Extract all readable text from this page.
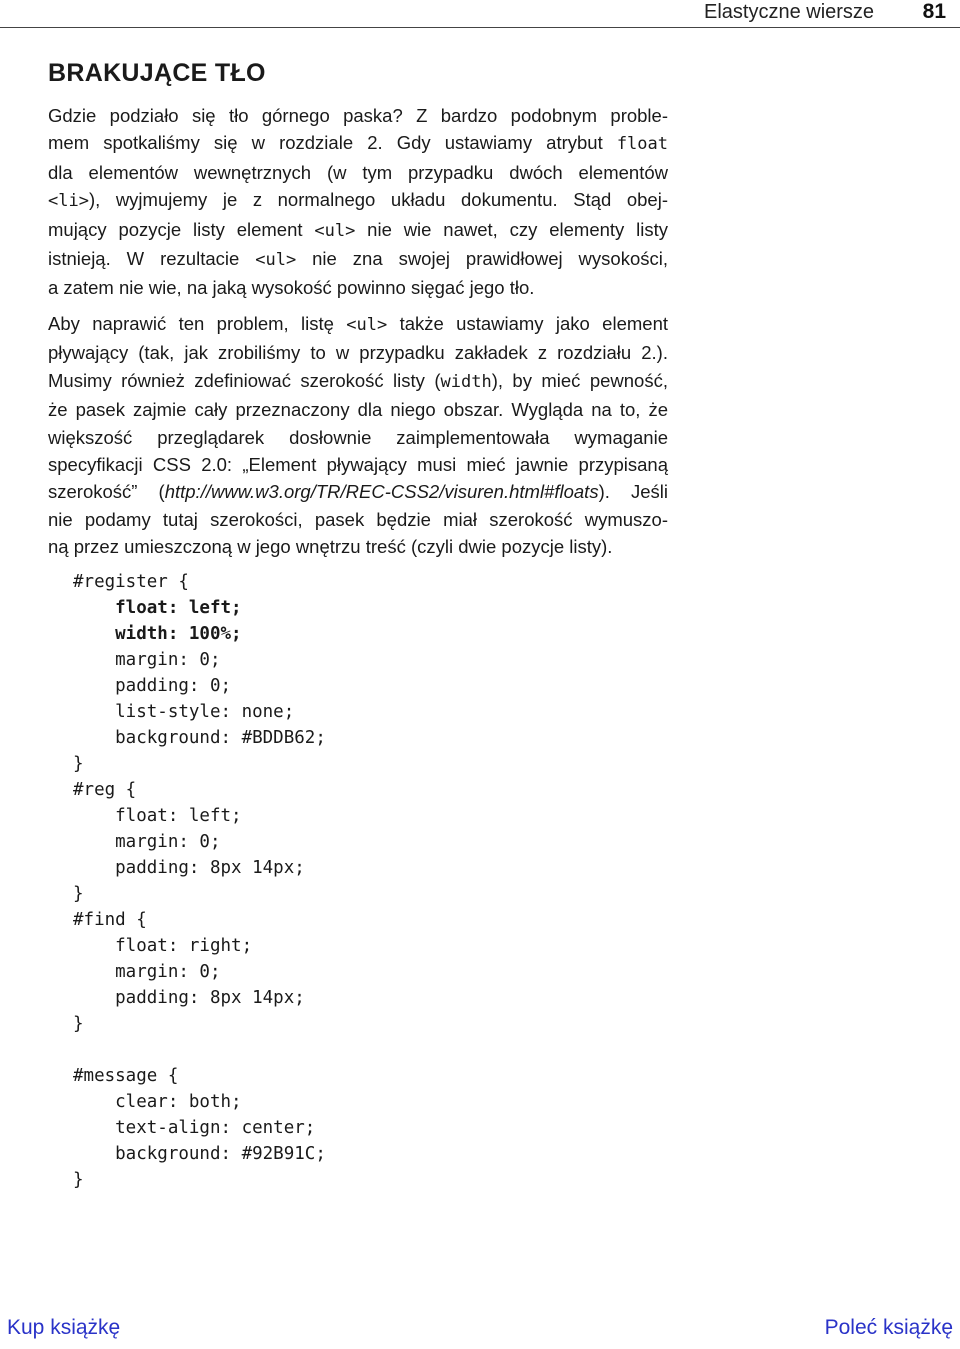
Elastyczne wiersze 81
BRAKUJĄCE TŁO
Gdzie podziało się tło górnego paska? Z bardzo podobnym proble-
mem spotkaliśmy się w rozdziale 2. Gdy ustawiamy atrybut float
dla elementów wewnętrznych (w tym przypadku dwóch elementów
<li>), wyjmujemy je z normalnego układu dokumentu. Stąd obej-
mujący pozycje listy element <ul> nie wie nawet, czy elementy listy
istnieją. W rezultacie <ul> nie zna swojej prawidłowej wysokości,
a zatem nie wie, na jaką wysokość powinno sięgać jego tło.
Aby naprawić ten problem, listę <ul> także ustawiamy jako element
pływający (tak, jak zrobiliśmy to w przypadku zakładek z rozdziału 2.).
Musimy również zdefiniować szerokość listy (width), by mieć pewność,
że pasek zajmie cały przeznaczony dla niego obszar. Wygląda na to, że
większość przeglądarek dosłownie zaimplementowała wymaganie
specyfikacji CSS 2.0: „Element pływający musi mieć jawnie przypisaną
szerokość” (http://www.w3.org/TR/REC-CSS2/visuren.html#floats). Jeśli
nie podamy tutaj szerokości, pasek będzie miał szerokość wymuszo-
ną przez umieszczoną w jego wnętrzu treść (czyli dwie pozycje listy).
#register {
float: left;
width: 100%;
margin: 0;
padding: 0;
list-style: none;
background: #BDDB62;
}
#reg {
float: left;
margin: 0;
padding: 8px 14px;
}
#find {
float: right;
margin: 0;
padding: 8px 14px;
}
#message {
clear: both;
text-align: center;
background: #92B91C;
}
Kup książkę	Poleć książkę
